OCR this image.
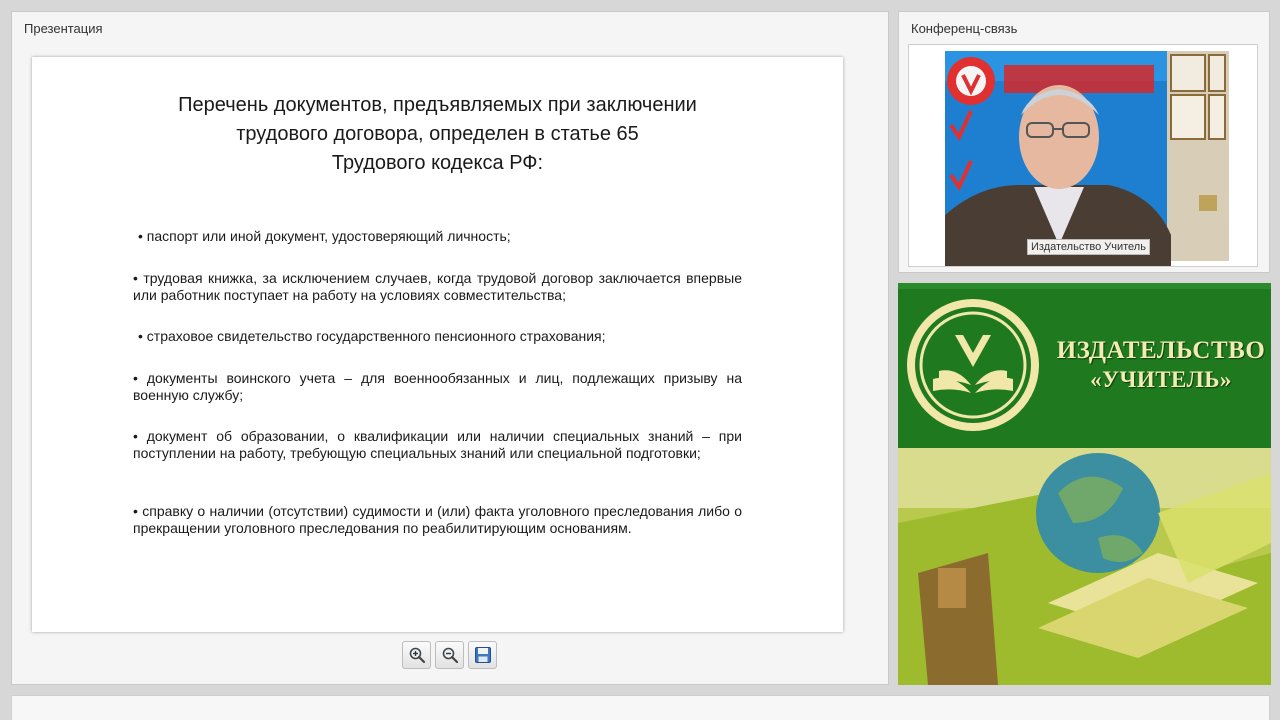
Презентация
Перечень документов, предъявляемых при заключении
трудового договора, определен в статье 65
Трудового кодекса РФ:
• паспорт или иной документ, удостоверяющий личность;
• трудовая книжка, за исключением случаев, когда трудовой договор заключается впервые или работник поступает на работу на условиях совместительства;
• страховое свидетельство государственного пенсионного страхования;
• документы воинского учета – для военнообязанных и лиц, подлежащих призыву на военную службу;
• документ об образовании, о квалификации или наличии специальных знаний – при поступлении на работу, требующую специальных знаний или специальной подготовки;
• справку о наличии (отсутствии) судимости и (или) факта уголовного преследования либо о прекращении уголовного преследования по реабилитирующим основаниям.
Конференц-связь
Издательство Учитель
ИЗДАТЕЛЬСТВО
«УЧИТЕЛЬ»
